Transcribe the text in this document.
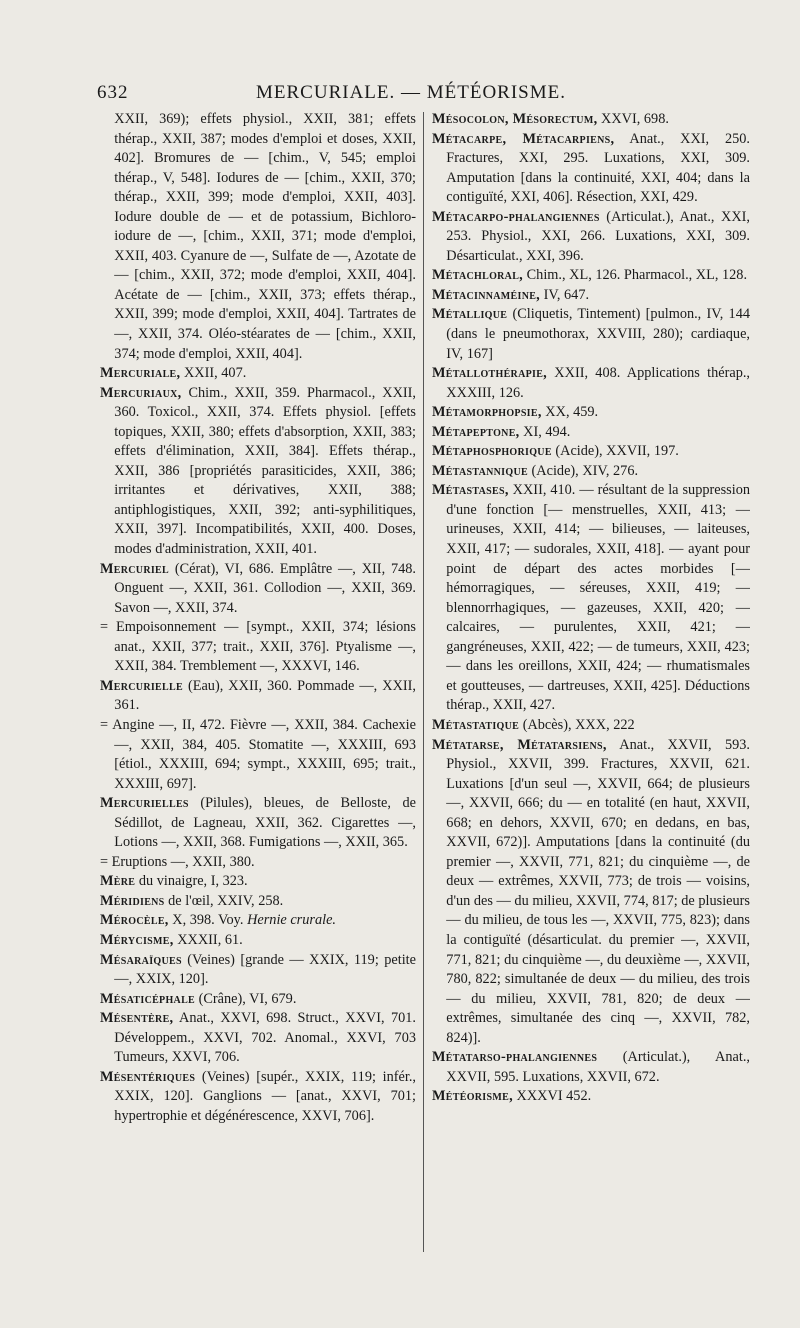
632	MERCURIALE. — MÉTÉORISME.

XXII, 369); effets physiol., XXII, 381; effets thérap., XXII, 387; modes d'emploi et doses, XXII, 402]. Bromures de — [chim., V, 545; emploi thérap., V, 548]. Iodures de — [chim., XXII, 370; thérap., XXII, 399; mode d'emploi, XXII, 403]. Iodure double de — et de potassium, Bichloro-iodure de —, [chim., XXII, 371; mode d'emploi, XXII, 403. Cyanure de —, Sulfate de —, Azotate de — [chim., XXII, 372; mode d'emploi, XXII, 404]. Acétate de — [chim., XXII, 373; effets thérap., XXII, 399; mode d'emploi, XXII, 404]. Tartrates de —, XXII, 374. Oléo-stéarates de — [chim., XXII, 374; mode d'emploi, XXII, 404].

Mercuriale, XXII, 407.

Mercuriaux, Chim., XXII, 359. Pharmacol., XXII, 360. Toxicol., XXII, 374. Effets physiol. [effets topiques, XXII, 380; effets d'absorption, XXII, 383; effets d'élimination, XXII, 384]. Effets thérap., XXII, 386 [propriétés parasiticides, XXII, 386; irritantes et dérivatives, XXII, 388; antiphlogistiques, XXII, 392; anti-syphilitiques, XXII, 397]. Incompatibilités, XXII, 400. Doses, modes d'administration, XXII, 401.

Mercuriel (Cérat), VI, 686. Emplâtre —, XII, 748. Onguent —, XXII, 361. Collodion —, XXII, 369. Savon —, XXII, 374.

= Empoisonnement — [sympt., XXII, 374; lésions anat., XXII, 377; trait., XXII, 376]. Ptyalisme —, XXII, 384. Tremblement —, XXXVI, 146.

Mercurielle (Eau), XXII, 360. Pommade —, XXII, 361.

= Angine —, II, 472. Fièvre —, XXII, 384. Cachexie —, XXII, 384, 405. Stomatite —, XXXIII, 693 [étiol., XXXIII, 694; sympt., XXXIII, 695; trait., XXXIII, 697].

Mercurielles (Pilules), bleues, de Belloste, de Sédillot, de Lagneau, XXII, 362. Cigarettes —, Lotions —, XXII, 368. Fumigations —, XXII, 365.

= Eruptions —, XXII, 380.

Mère du vinaigre, I, 323.

Méridiens de l'œil, XXIV, 258.

Mérocèle, X, 398. Voy. Hernie crurale.

Mérycisme, XXXII, 61.

Mésaraïques (Veines) [grande — XXIX, 119; petite —, XXIX, 120].

Mésaticéphale (Crâne), VI, 679.

Mésentère, Anat., XXVI, 698. Struct., XXVI, 701. Développem., XXVI, 702. Anomal., XXVI, 703 Tumeurs, XXVI, 706.

Mésentériques (Veines) [supér., XXIX, 119; infér., XXIX, 120]. Ganglions — [anat., XXVI, 701; hypertrophie et dégénérescence, XXVI, 706].

Mésocolon, Mésorectum, XXVI, 698.

Métacarpe, Métacarpiens, Anat., XXI, 250. Fractures, XXI, 295. Luxations, XXI, 309. Amputation [dans la continuité, XXI, 404; dans la contiguïté, XXI, 406]. Résection, XXI, 429.

Métacarpo-phalangiennes (Articulat.), Anat., XXI, 253. Physiol., XXI, 266. Luxations, XXI, 309. Désarticulat., XXI, 396.

Métachloral, Chim., XL, 126. Pharmacol., XL, 128.

Métacinnaméine, IV, 647.

Métallique (Cliquetis, Tintement) [pulmon., IV, 144 (dans le pneumothorax, XXVIII, 280); cardiaque, IV, 167]

Métallothérapie, XXII, 408. Applications thérap., XXXIII, 126.

Métamorphopsie, XX, 459.

Métapeptone, XI, 494.

Métaphosphorique (Acide), XXVII, 197.

Métastannique (Acide), XIV, 276.

Métastases, XXII, 410. — résultant de la suppression d'une fonction [— menstruelles, XXII, 413; — urineuses, XXII, 414; — bilieuses, — laiteuses, XXII, 417; — sudorales, XXII, 418]. — ayant pour point de départ des actes morbides [— hémorragiques, — séreuses, XXII, 419; — blennorrhagiques, — gazeuses, XXII, 420; — calcaires, — purulentes, XXII, 421; — gangréneuses, XXII, 422; — de tumeurs, XXII, 423; — dans les oreillons, XXII, 424; — rhumatismales et goutteuses, — dartreuses, XXII, 425]. Déductions thérap., XXII, 427.

Métastatique (Abcès), XXX, 222

Métatarse, Métatarsiens, Anat., XXVII, 593. Physiol., XXVII, 399. Fractures, XXVII, 621. Luxations [d'un seul —, XXVII, 664; de plusieurs —, XXVII, 666; du — en totalité (en haut, XXVII, 668; en dehors, XXVII, 670; en dedans, en bas, XXVII, 672)]. Amputations [dans la continuité (du premier —, XXVII, 771, 821; du cinquième —, de deux — extrêmes, XXVII, 773; de trois — voisins, d'un des — du milieu, XXVII, 774, 817; de plusieurs — du milieu, de tous les —, XXVII, 775, 823); dans la contiguïté (désarticulat. du premier —, XXVII, 771, 821; du cinquième —, du deuxième —, XXVII, 780, 822; simultanée de deux — du milieu, des trois — du milieu, XXVII, 781, 820; de deux — extrêmes, simultanée des cinq —, XXVII, 782, 824)].

Métatarso-phalangiennes (Articulat.), Anat., XXVII, 595. Luxations, XXVII, 672.

Météorisme, XXXVI 452.
